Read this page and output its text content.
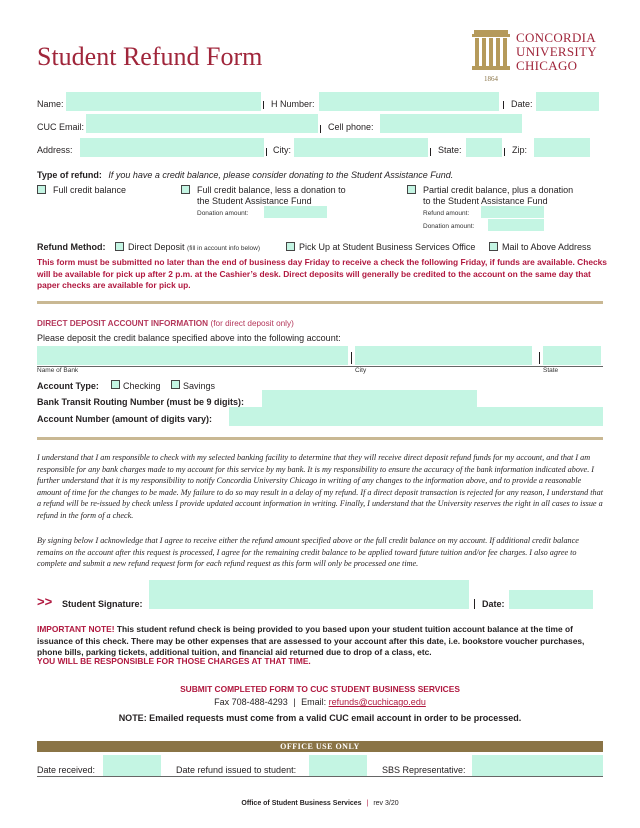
Student Refund Form
CONCORDIA
UNIVERSITY
CHICAGO
1864
Name:	H Number:	Date:
CUC Email:	Cell phone:
Address:	City:	State:	Zip:
Type of refund: If you have a credit balance, please consider donating to the Student Assistance Fund.
Full credit balance	Full credit balance, less a donation to
the Student Assistance Fund
Donation amount:
Partial credit balance, plus a donation
to the Student Assistance Fund
Refund amount:
Donation amount:
Refund Method:	Direct Deposit (fill in account info below)	Pick Up at Student Business Services Office	Mail to Above Address
This form must be submitted no later than the end of business day Friday to receive a check the following Friday, if funds are available. Checks will be available for pick up after 2 p.m. at the Cashier’s desk. Direct deposits will generally be credited to the account on the same day that paper checks are available for pick up.
DIRECT DEPOSIT ACCOUNT INFORMATION (for direct deposit only)
Please deposit the credit balance specified above into the following account:
Name of Bank	City	State
Account Type:	Checking Savings
Bank Transit Routing Number (must be 9 digits):
Account Number (amount of digits vary):
I understand that I am responsible to check with my selected banking facility to determine that they will receive direct deposit refund funds for my account, and that I am responsible for any bank charges made to my account for this service by my bank. It is my responsibility to ensure the accuracy of the bank information indicated above. I further understand that it is my responsibility to notify Concordia University Chicago in writing of any changes to the information above, and to provide a reasonable amount of time for the changes to be made. My failure to do so may result in a delay of my refund. If a direct deposit transaction is rejected for any reason, I understand that a refund will be re-issued by check unless I provide updated account information in writing. Finally, I understand that the University reserves the right in all cases to issue a refund in the form of a check.
By signing below I acknowledge that I agree to receive either the refund amount specified above or the full credit balance on my account. If additional credit balance remains on the account after this request is processed, I agree for the remaining credit balance to be applied toward future tuition and/or fee charges. I also agree to complete and submit a new refund request form for each refund request as this form will only be processed one time.
>> Student Signature:	Date:
IMPORTANT NOTE! This student refund check is being provided to you based upon your student tuition account balance at the time of issuance of this check. There may be other expenses that are assessed to your account after this date, i.e. bookstore voucher purchases, phone bills, parking tickets, additional tuition, and financial aid returned due to drop of a class, etc.
YOU WILL BE RESPONSIBLE FOR THOSE CHARGES AT THAT TIME.
SUBMIT COMPLETED FORM TO CUC STUDENT BUSINESS SERVICES
Fax 708-488-4293 | Email: refunds@cuchicago.edu
NOTE: Emailed requests must come from a valid CUC email account in order to be processed.
OFFICE USE ONLY
Date received:	Date refund issued to student:	SBS Representative:
Office of Student Business Services | rev 3/20
